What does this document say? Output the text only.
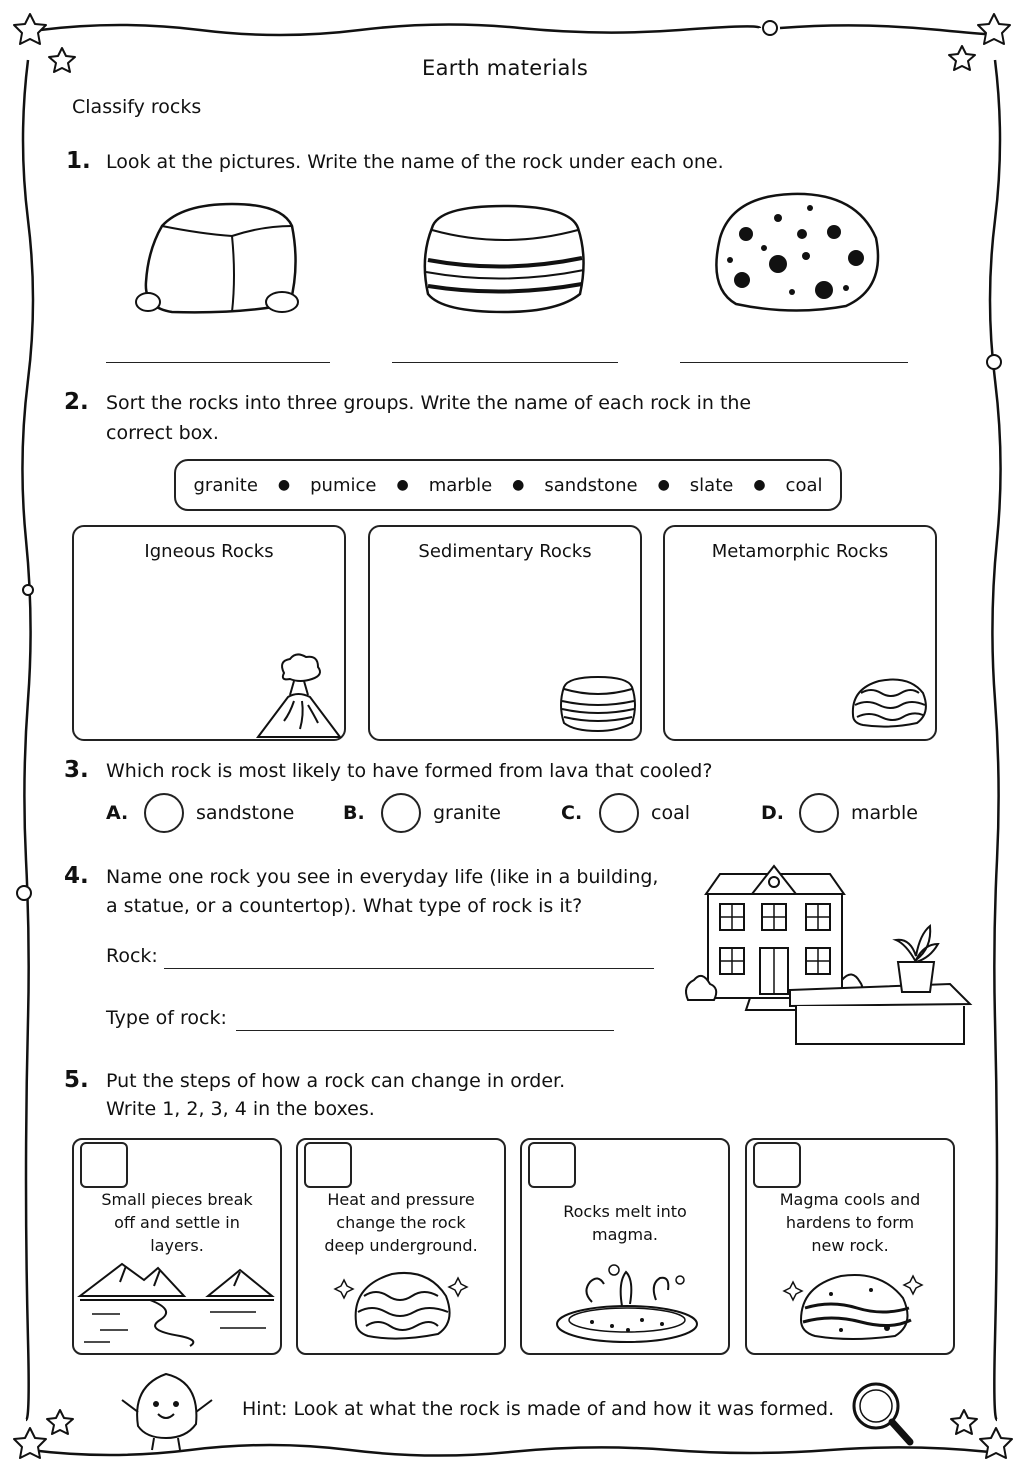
Earth materials
Classify rocks
1. Look at the pictures. Write the name of the rock under each one.
2. Sort the rocks into three groups. Write the name of each rock in the
correct box.
granite	●	pumice	●	marble	●	sandstone	●	slate	●	coal
Igneous Rocks	Sedimentary Rocks	Metamorphic Rocks
3. Which rock is most likely to have formed from lava that cooled?
A.	sandstone	B.	granite	C.	coal	D.	marble
4. Name one rock you see in everyday life (like in a building,
a statue, or a countertop). What type of rock is it?
Rock:
Type of rock:
5. Put the steps of how a rock can change in order.
Write 1, 2, 3, 4 in the boxes.
Small pieces break
off and settle in
layers.
Heat and pressure
change the rock
deep underground.
Rocks melt into
magma.
Magma cools and
hardens to form
new rock.
Hint: Look at what the rock is made of and how it was formed.
